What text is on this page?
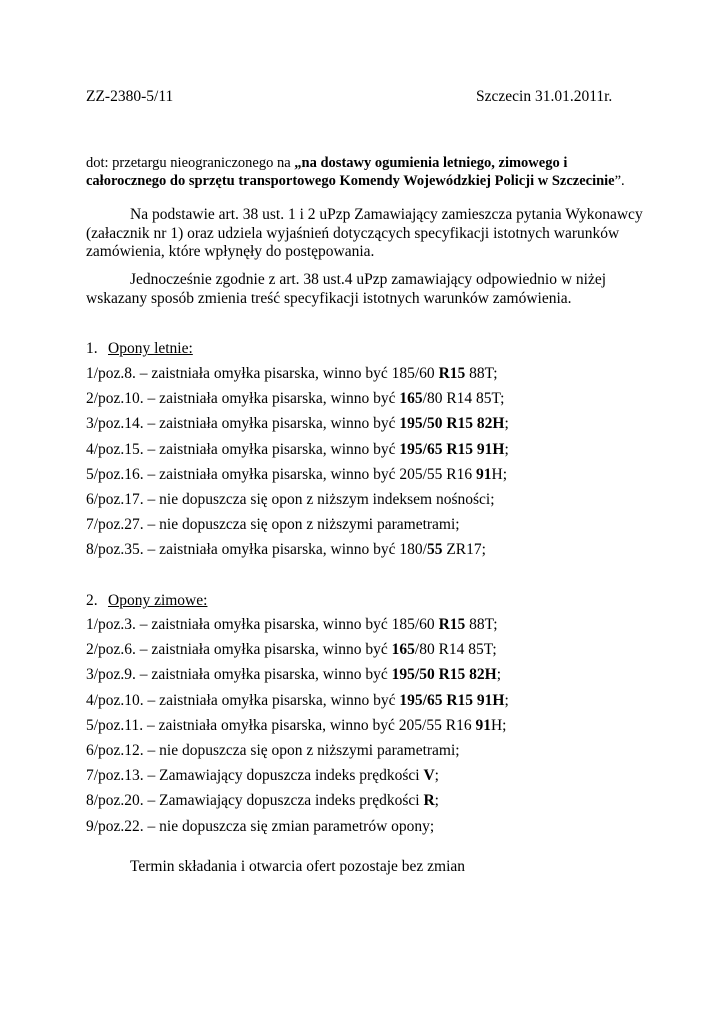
ZZ-2380-5/11	Szczecin 31.01.2011r.
dot: przetargu nieograniczonego na „na dostawy ogumienia letniego, zimowego i całorocznego do sprzętu transportowego Komendy Wojewódzkiej Policji w Szczecinie”.
Na podstawie art. 38 ust. 1 i 2 uPzp Zamawiający zamieszcza pytania Wykonawcy (załacznik nr 1) oraz udziela wyjaśnień dotyczących specyfikacji istotnych warunków zamówienia, które wpłynęły do postępowania.
Jednocześnie zgodnie z art. 38 ust.4 uPzp zamawiający odpowiednio w niżej wskazany sposób zmienia treść specyfikacji istotnych warunków zamówienia.
1. Opony letnie:
1/poz.8. – zaistniała omyłka pisarska, winno być 185/60 R15 88T;
2/poz.10. – zaistniała omyłka pisarska, winno być 165/80 R14 85T;
3/poz.14. – zaistniała omyłka pisarska, winno być 195/50 R15 82H;
4/poz.15. – zaistniała omyłka pisarska, winno być 195/65 R15 91H;
5/poz.16. – zaistniała omyłka pisarska, winno być 205/55 R16 91H;
6/poz.17. – nie dopuszcza się opon z niższym indeksem nośności;
7/poz.27. – nie dopuszcza się opon z niższymi parametrami;
8/poz.35. – zaistniała omyłka pisarska, winno być 180/55 ZR17;
2. Opony zimowe:
1/poz.3. – zaistniała omyłka pisarska, winno być 185/60 R15 88T;
2/poz.6. – zaistniała omyłka pisarska, winno być 165/80 R14 85T;
3/poz.9. – zaistniała omyłka pisarska, winno być 195/50 R15 82H;
4/poz.10. – zaistniała omyłka pisarska, winno być 195/65 R15 91H;
5/poz.11. – zaistniała omyłka pisarska, winno być 205/55 R16 91H;
6/poz.12. – nie dopuszcza się opon z niższymi parametrami;
7/poz.13. – Zamawiający dopuszcza indeks prędkości V;
8/poz.20. – Zamawiający dopuszcza indeks prędkości R;
9/poz.22. – nie dopuszcza się zmian parametrów opony;
Termin składania i otwarcia ofert pozostaje bez zmian
